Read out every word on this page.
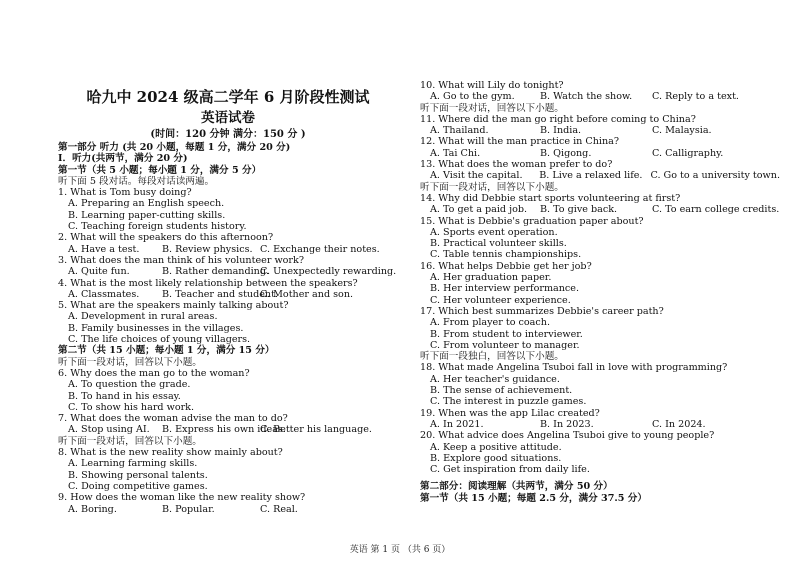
哈九中 2024 级高二学年 6 月阶段性测试
英语试卷
(时间：120 分钟 满分：150 分 )
第一部分 听力 (共 20 小题，每题 1 分，满分 20 分)
I．听力(共两节，满分 20 分)
第一节（共 5 小题；每小题 1 分，满分 5 分）
听下面 5 段对话。每段对话读两遍。
1. What is Tom busy doing?
A. Preparing an English speech.
B. Learning paper-cutting skills.
C. Teaching foreign students history.
2. What will the speakers do this afternoon?
A. Have a test.	B. Review physics. C. Exchange their notes.
3. What does the man think of his volunteer work?
A. Quite fun.	B. Rather demanding.
C. Unexpectedly rewarding.
4. What is the most likely relationship between the speakers?
A. Classmates.	B. Teacher and student.
C. Mother and son.
5. What are the speakers mainly talking about?
A. Development in rural areas.
B. Family businesses in the villages.
C. The life choices of young villagers.
第二节（共 15 小题；每小题 1 分，满分 15 分）
听下面一段对话，回答以下小题。
6. Why does the man go to the woman?
A. To question the grade.
B. To hand in his essay.
C. To show his hard work.
7. What does the woman advise the man to do?
A. Stop using AI.	B. Express his own ideas.
C. Better his language.
听下面一段对话，回答以下小题。
8. What is the new reality show mainly about?
A. Learning farming skills.
B. Showing personal talents.
C. Doing competitive games.
9. How does the woman like the new reality show?
A. Boring.	B. Popular.	C. Real.
10. What will Lily do tonight?
A. Go to the gym.	B. Watch the show.	C. Reply to a text.
听下面一段对话，回答以下小题。
11. Where did the man go right before coming to China?
A. Thailand.	B. India.	C. Malaysia.
12. What will the man practice in China?
A. Tai Chi.	B. Qigong.	C. Calligraphy.
13. What does the woman prefer to do?
A. Visit the capital.	B. Live a relaxed life. C. Go to a university town.
听下面一段对话，回答以下小题。
14. Why did Debbie start sports volunteering at first?
A. To get a paid job.	B. To give back.	C. To earn college credits.
15. What is Debbie's graduation paper about?
A. Sports event operation.
B. Practical volunteer skills.
C. Table tennis championships.
16. What helps Debbie get her job?
A. Her graduation paper.
B. Her interview performance.
C. Her volunteer experience.
17. Which best summarizes Debbie's career path?
A. From player to coach.
B. From student to interviewer.
C. From volunteer to manager.
听下面一段独白，回答以下小题。
18. What made Angelina Tsuboi fall in love with programming?
A. Her teacher's guidance.
B. The sense of achievement.
C. The interest in puzzle games.
19. When was the app Lilac created?
A. In 2021.	B. In 2023.	C. In 2024.
20. What advice does Angelina Tsuboi give to young people?
A. Keep a positive attitude.
B. Explore good situations.
C. Get inspiration from daily life.
第二部分：阅读理解（共两节，满分 50 分）
第一节（共 15 小题；每题 2.5 分，满分 37.5 分）
英语 第 1 页 （共 6 页）
